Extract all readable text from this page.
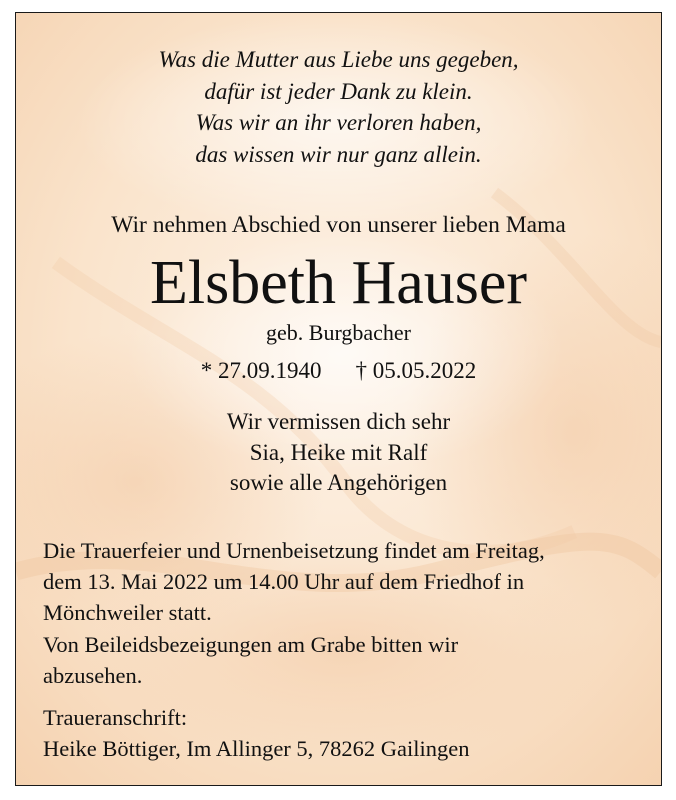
Was die Mutter aus Liebe uns gegeben,
dafür ist jeder Dank zu klein.
Was wir an ihr verloren haben,
das wissen wir nur ganz allein.
Wir nehmen Abschied von unserer lieben Mama
Elsbeth Hauser
geb. Burgbacher
* 27.09.1940 † 05.05.2022
Wir vermissen dich sehr
Sia, Heike mit Ralf
sowie alle Angehörigen
Die Trauerfeier und Urnenbeisetzung findet am Freitag,
dem 13. Mai 2022 um 14.00 Uhr auf dem Friedhof in
Mönchweiler statt.
Von Beileidsbezeigungen am Grabe bitten wir
abzusehen.
Traueranschrift:
Heike Böttiger, Im Allinger 5, 78262 Gailingen
